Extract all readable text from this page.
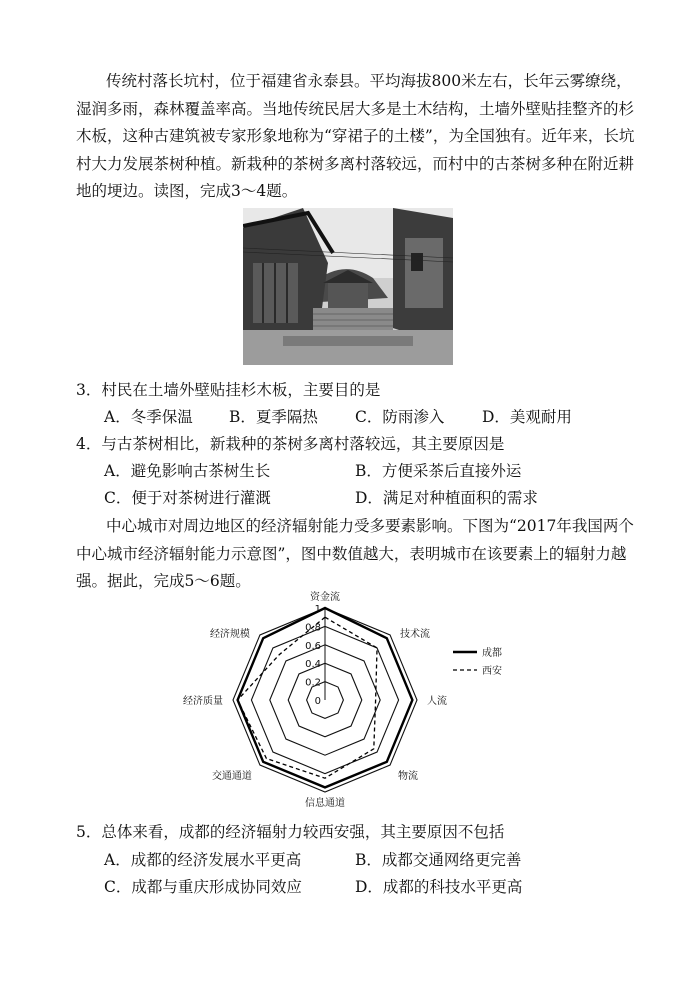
传统村落长坑村，位于福建省永泰县。平均海拔800米左右，长年云雾缭绕，湿润多雨，森林覆盖率高。当地传统民居大多是土木结构，土墙外壁贴挂整齐的杉木板，这种古建筑被专家形象地称为“穿裙子的土楼”，为全国独有。近年来，长坑村大力发展茶树种植。新栽种的茶树多离村落较远，而村中的古茶树多种在附近耕地的埂边。读图，完成3～4题。

3．村民在土墙外壁贴挂杉木板，主要目的是

A．冬季保温 B．夏季隔热 C．防雨渗入 D．美观耐用

4．与古茶树相比，新栽种的茶树多离村落较远，其主要原因是

A．避免影响古茶树生长	B．方便采茶后直接外运

C．便于对茶树进行灌溉	D．满足对种植面积的需求

中心城市对周边地区的经济辐射能力受多要素影响。下图为“2017年我国两个中心城市经济辐射能力示意图”，图中数值越大，表明城市在该要素上的辐射力越强。据此，完成5～6题。

0
0.2
0.4
0.6
0.8
1
资金流
技术流
人流
物流
信息通道
交通通道
经济质量
经济规模
成都
西安

5．总体来看，成都的经济辐射力较西安强，其主要原因不包括

A．成都的经济发展水平更高	B．成都交通网络更完善

C．成都与重庆形成协同效应	D．成都的科技水平更高
